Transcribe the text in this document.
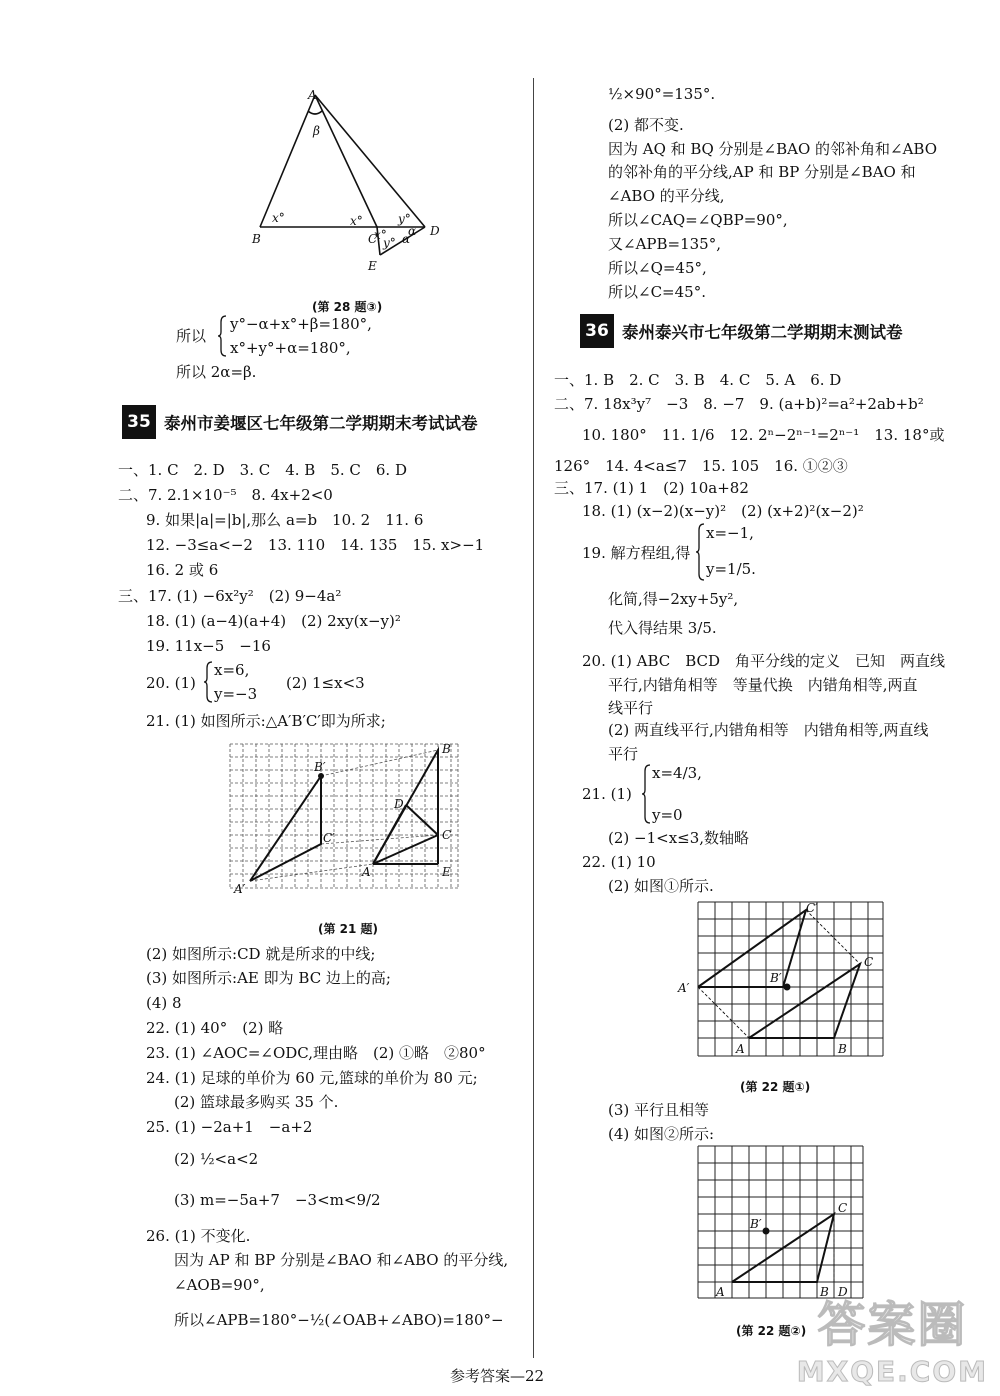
A
β
x°	x°	y°
α
x°
y° α
B	C
D
E
(第 28 题③)
所以
y°−α+x°+β=180°,
x°+y°+α=180°,
所以 2α=β.
35 泰州市姜堰区七年级第二学期期末考试试卷
一、1. C　2. D　3. C　4. B　5. C　6. D
二、7. 2.1×10⁻⁵　8. 4x+2<0
9. 如果|a|=|b|,那么 a=b　10. 2　11. 6
12. −3≤a<−2　13. 110　14. 135　15. x>−1
16. 2 或 6
三、17. (1) −6x²y²　(2) 9−4a²
18. (1) (a−4)(a+4)　(2) 2xy(x−y)²
19. 11x−5　−16
20. (1)
x=6,
y=−3
(2) 1≤x<3
21. (1) 如图所示:△A′B′C′即为所求;
B′
B
D
C′	C
A	E
A′
(第 21 题)
(2) 如图所示:CD 就是所求的中线;
(3) 如图所示:AE 即为 BC 边上的高;
(4) 8
22. (1) 40°　(2) 略
23. (1) ∠AOC=∠ODC,理由略　(2) ①略　②80°
24. (1) 足球的单价为 60 元,篮球的单价为 80 元;
(2) 篮球最多购买 35 个.
25. (1) −2a+1　−a+2
(2) ½<a<2
(3) m=−5a+7　−3<m<9/2
26. (1) 不变化.
因为 AP 和 BP 分别是∠BAO 和∠ABO 的平分线,
∠AOB=90°,
所以∠APB=180°−½(∠OAB+∠ABO)=180°−
½×90°=135°.
(2) 都不变.
因为 AQ 和 BQ 分别是∠BAO 的邻补角和∠ABO
的邻补角的平分线,AP 和 BP 分别是∠BAO 和
∠ABO 的平分线,
所以∠CAQ=∠QBP=90°,
又∠APB=135°,
所以∠Q=45°,
所以∠C=45°.
36 泰州泰兴市七年级第二学期期末测试卷
一、1. B　2. C　3. B　4. C　5. A　6. D
二、7. 18x³y⁷　−3　8. −7　9. (a+b)²=a²+2ab+b²
10. 180°　11. 1/6　12. 2ⁿ−2ⁿ⁻¹=2ⁿ⁻¹　13. 18°或
126°　14. 4<a≤7　15. 105　16. ①②③
三、17. (1) 1　(2) 10a+82
18. (1) (x−2)(x−y)²　(2) (x+2)²(x−2)²
19. 解方程组,得
x=−1,
y=1/5.
化简,得−2xy+5y²,
代入得结果 3/5.
20. (1) ABC　BCD　角平分线的定义　已知　两直线
平行,内错角相等　等量代换　内错角相等,两直
线平行
(2) 两直线平行,内错角相等　内错角相等,两直线
平行
21. (1)
x=4/3,
y=0
(2) −1<x≤3,数轴略
22. (1) 10
(2) 如图①所示.
C′
C
B′
A′
A	B
(第 22 题①)
(3) 平行且相等
(4) 如图②所示:
C
B′
A	B D
(第 22 题②)
参考答案—22
答案圈
MXQE.COM
